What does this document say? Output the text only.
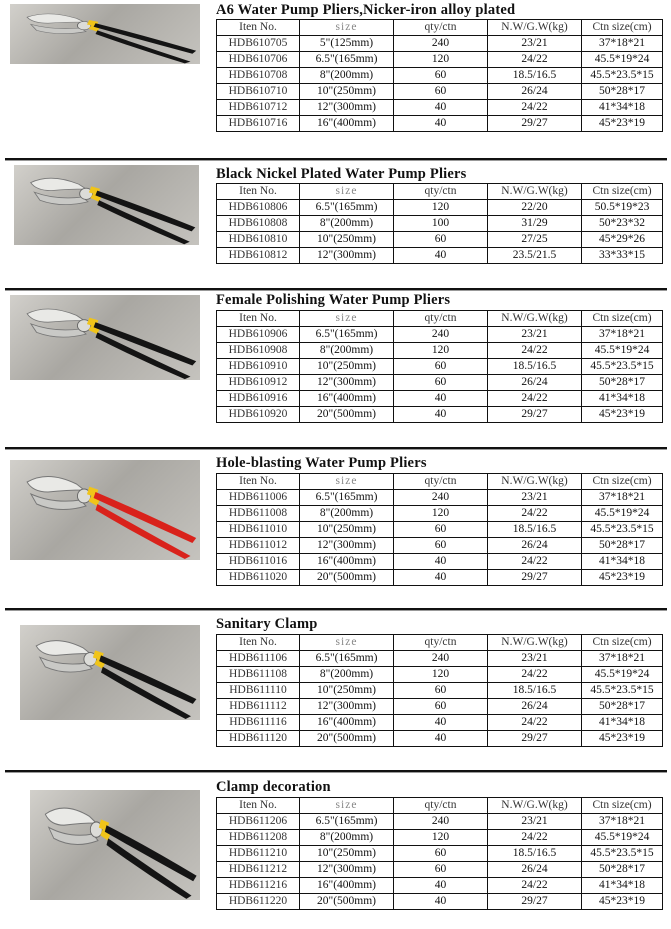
A6 Water Pump Pliers,Nicker-iron alloy plated
Iten No.	size	qty/ctn	N.W/G.W(kg)	Ctn size(cm)
HDB610705	5"(125mm)	240	23/21	37*18*21
HDB610706	6.5"(165mm)	120	24/22	45.5*19*24
HDB610708	8"(200mm)	60	18.5/16.5	45.5*23.5*15
HDB610710	10"(250mm)	60	26/24	50*28*17
HDB610712	12"(300mm)	40	24/22	41*34*18
HDB610716	16"(400mm)	40	29/27	45*23*19
Black Nickel Plated Water Pump Pliers
Iten No.	size	qty/ctn	N.W/G.W(kg)	Ctn size(cm)
HDB610806	6.5"(165mm)	120	22/20	50.5*19*23
HDB610808	8"(200mm)	100	31/29	50*23*32
HDB610810	10"(250mm)	60	27/25	45*29*26
HDB610812	12"(300mm)	40	23.5/21.5	33*33*15
Female Polishing Water Pump Pliers
Iten No.	size	qty/ctn	N.W/G.W(kg)	Ctn size(cm)
HDB610906	6.5"(165mm)	240	23/21	37*18*21
HDB610908	8"(200mm)	120	24/22	45.5*19*24
HDB610910	10"(250mm)	60	18.5/16.5	45.5*23.5*15
HDB610912	12"(300mm)	60	26/24	50*28*17
HDB610916	16"(400mm)	40	24/22	41*34*18
HDB610920	20"(500mm)	40	29/27	45*23*19
Hole-blasting Water Pump Pliers
Iten No.	size	qty/ctn	N.W/G.W(kg)	Ctn size(cm)
HDB611006	6.5"(165mm)	240	23/21	37*18*21
HDB611008	8"(200mm)	120	24/22	45.5*19*24
HDB611010	10"(250mm)	60	18.5/16.5	45.5*23.5*15
HDB611012	12"(300mm)	60	26/24	50*28*17
HDB611016	16"(400mm)	40	24/22	41*34*18
HDB611020	20"(500mm)	40	29/27	45*23*19
Sanitary Clamp
Iten No.	size	qty/ctn	N.W/G.W(kg)	Ctn size(cm)
HDB611106	6.5"(165mm)	240	23/21	37*18*21
HDB611108	8"(200mm)	120	24/22	45.5*19*24
HDB611110	10"(250mm)	60	18.5/16.5	45.5*23.5*15
HDB611112	12"(300mm)	60	26/24	50*28*17
HDB611116	16"(400mm)	40	24/22	41*34*18
HDB611120	20"(500mm)	40	29/27	45*23*19
Clamp decoration
Iten No.	size	qty/ctn	N.W/G.W(kg)	Ctn size(cm)
HDB611206	6.5"(165mm)	240	23/21	37*18*21
HDB611208	8"(200mm)	120	24/22	45.5*19*24
HDB611210	10"(250mm)	60	18.5/16.5	45.5*23.5*15
HDB611212	12"(300mm)	60	26/24	50*28*17
HDB611216	16"(400mm)	40	24/22	41*34*18
HDB611220	20"(500mm)	40	29/27	45*23*19
